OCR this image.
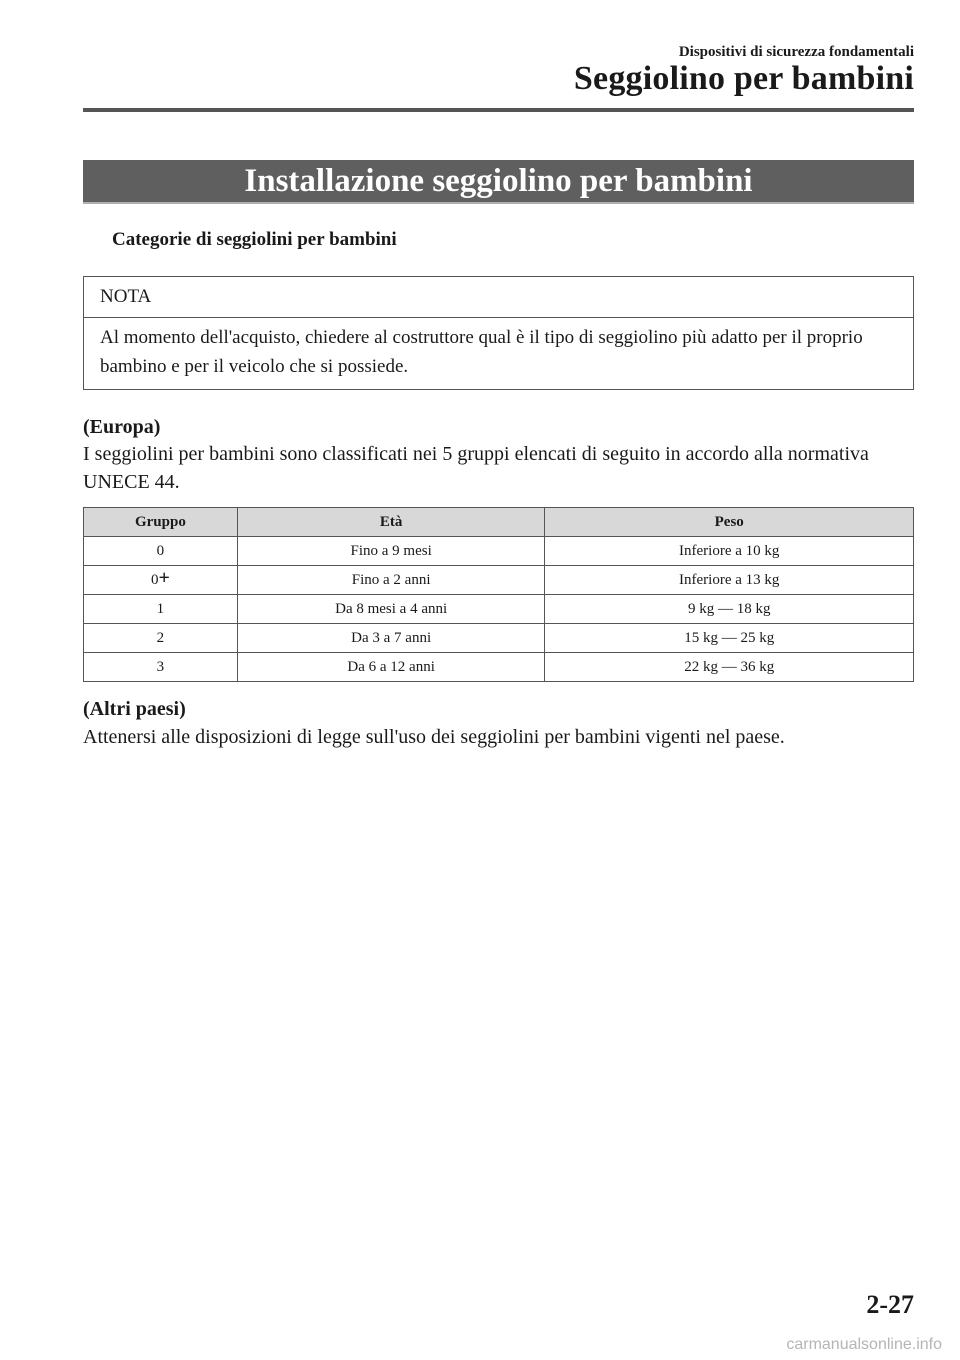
Dispositivi di sicurezza fondamentali
Seggiolino per bambini
Installazione seggiolino per bambini
Categorie di seggiolini per bambini
NOTA
Al momento dell'acquisto, chiedere al costruttore qual è il tipo di seggiolino più adatto per il proprio bambino e per il veicolo che si possiede.
(Europa)
I seggiolini per bambini sono classificati nei 5 gruppi elencati di seguito in accordo alla normativa UNECE 44.
Gruppo	Età	Peso
0	Fino a 9 mesi	Inferiore a 10 kg
0+	Fino a 2 anni	Inferiore a 13 kg
1	Da 8 mesi a 4 anni	9 kg — 18 kg
2	Da 3 a 7 anni	15 kg — 25 kg
3	Da 6 a 12 anni	22 kg — 36 kg
(Altri paesi)
Attenersi alle disposizioni di legge sull'uso dei seggiolini per bambini vigenti nel paese.
2-27
carmanualsonline.info
